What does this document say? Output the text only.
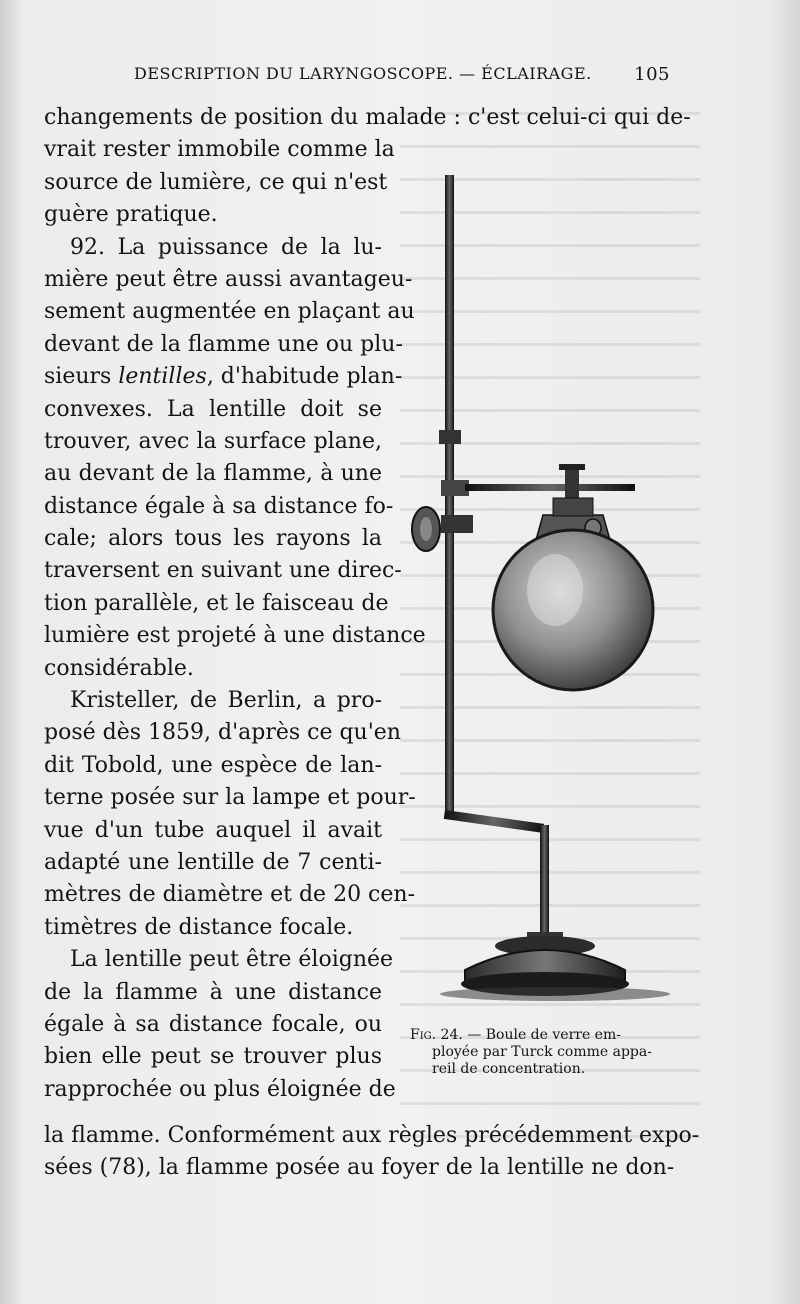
DESCRIPTION DU LARYNGOSCOPE. — ÉCLAIRAGE. 105
changements de position du malade : c'est celui-ci qui de-
vrait rester immobile comme la
source de lumière, ce qui n'est
guère pratique.
92. La puissance de la lu-
mière peut être aussi avantageu-
sement augmentée en plaçant au
devant de la flamme une ou plu-
sieurs lentilles, d'habitude plan-
convexes. La lentille doit se
trouver, avec la surface plane,
au devant de la flamme, à une
distance égale à sa distance fo-
cale; alors tous les rayons la
traversent en suivant une direc-
tion parallèle, et le faisceau de
lumière est projeté à une distance
considérable.
Kristeller, de Berlin, a pro-
posé dès 1859, d'après ce qu'en
dit Tobold, une espèce de lan-
terne posée sur la lampe et pour-
vue d'un tube auquel il avait
adapté une lentille de 7 centi-
mètres de diamètre et de 20 cen-
timètres de distance focale.
La lentille peut être éloignée
de la flamme à une distance
égale à sa distance focale, ou
bien elle peut se trouver plus
rapprochée ou plus éloignée de
la flamme. Conformément aux règles précédemment expo-
sées (78), la flamme posée au foyer de la lentille ne don-
Fig. 24. — Boule de verre em-
ployée par Turck comme appa-
reil de concentration.
